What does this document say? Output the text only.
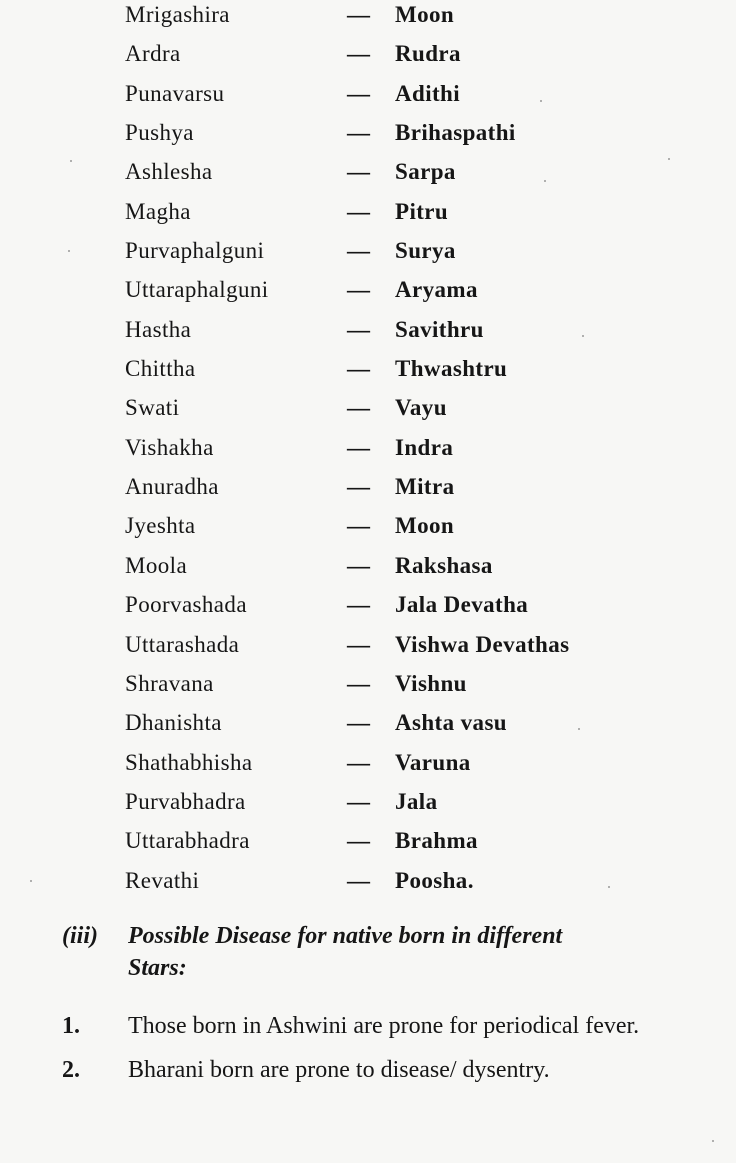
Mrigashira	—	Moon
Ardra	—	Rudra
Punavarsu	—	Adithi
Pushya	—	Brihaspathi
Ashlesha	—	Sarpa
Magha	—	Pitru
Purvaphalguni	—	Surya
Uttaraphalguni	—	Aryama
Hastha	—	Savithru
Chittha	—	Thwashtru
Swati	—	Vayu
Vishakha	—	Indra
Anuradha	—	Mitra
Jyeshta	—	Moon
Moola	—	Rakshasa
Poorvashada	—	Jala Devatha
Uttarashada	—	Vishwa Devathas
Shravana	—	Vishnu
Dhanishta	—	Ashta vasu
Shathabhisha	—	Varuna
Purvabhadra	—	Jala
Uttarabhadra	—	Brahma
Revathi	—	Poosha.
(iii) Possible Disease for native born in different
Stars:
1.	Those born in Ashwini are prone for periodical fever.
2.	Bharani born are prone to disease/ dysentry.
